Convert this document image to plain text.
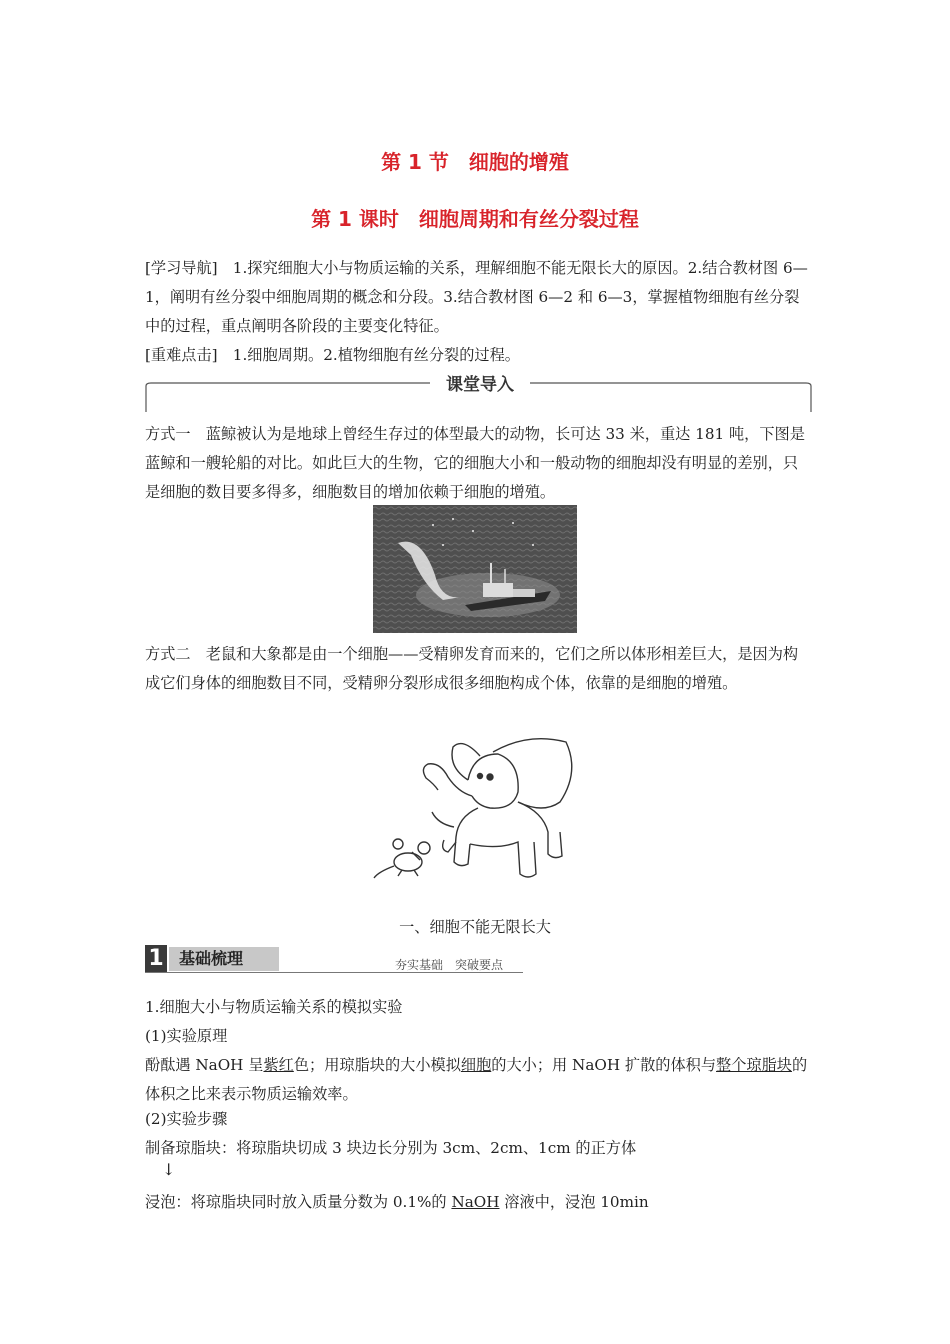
第 1 节　细胞的增殖
第 1 课时　细胞周期和有丝分裂过程
[学习导航]　1.探究细胞大小与物质运输的关系，理解细胞不能无限长大的原因。2.结合教材图 6—1，阐明有丝分裂中细胞周期的概念和分段。3.结合教材图 6—2 和 6—3，掌握植物细胞有丝分裂中的过程，重点阐明各阶段的主要变化特征。
[重难点击]　1.细胞周期。2.植物细胞有丝分裂的过程。
课堂导入
方式一　蓝鲸被认为是地球上曾经生存过的体型最大的动物，长可达 33 米，重达 181 吨，下图是蓝鲸和一艘轮船的对比。如此巨大的生物，它的细胞大小和一般动物的细胞却没有明显的差别，只是细胞的数目要多得多，细胞数目的增加依赖于细胞的增殖。
方式二　老鼠和大象都是由一个细胞——受精卵发育而来的，它们之所以体形相差巨大，是因为构成它们身体的细胞数目不同，受精卵分裂形成很多细胞构成个体，依靠的是细胞的增殖。
一、细胞不能无限长大
1 基础梳理	夯实基础　突破要点
1.细胞大小与物质运输关系的模拟实验
(1)实验原理
酚酞遇 NaOH 呈紫红色；用琼脂块的大小模拟细胞的大小；用 NaOH 扩散的体积与整个琼脂块的体积之比来表示物质运输效率。
(2)实验步骤
制备琼脂块：将琼脂块切成 3 块边长分别为 3cm、2cm、1cm 的正方体
↓
浸泡：将琼脂块同时放入质量分数为 0.1%的 NaOH 溶液中，浸泡 10min
